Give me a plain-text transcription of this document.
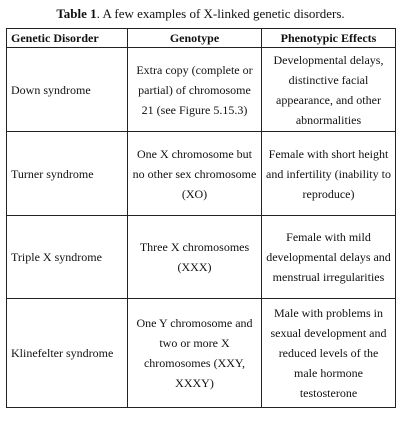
Table 1. A few examples of X-linked genetic disorders.
Genetic Disorder	Genotype	Phenotypic Effects
Down syndrome	Extra copy (complete or partial) of chromosome 21 (see Figure 5.15.3)	Developmental delays, distinctive facial appearance, and other abnormalities
Turner syndrome	One X chromosome but no other sex chromosome (XO)	Female with short height and infertility (inability to reproduce)
Triple X syndrome	Three X chromosomes (XXX)	Female with mild developmental delays and menstrual irregularities
Klinefelter syndrome	One Y chromosome and two or more X chromosomes (XXY, XXXY)	Male with problems in sexual development and reduced levels of the male hormone testosterone
